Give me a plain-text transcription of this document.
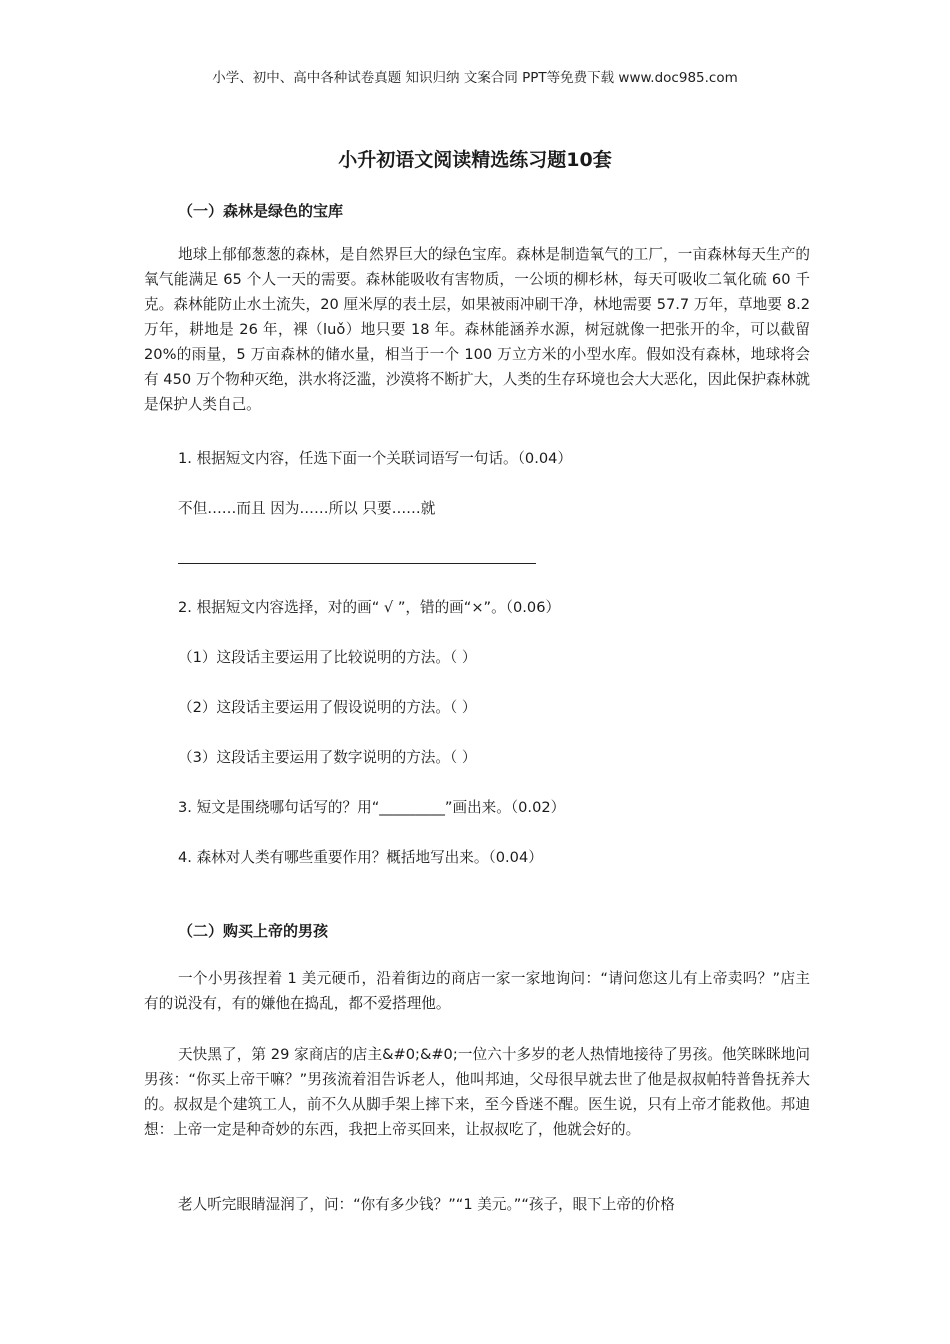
小学、初中、高中各种试卷真题 知识归纳 文案合同 PPT等免费下载 www.doc985.com
小升初语文阅读精选练习题10套
（一）森林是绿色的宝库

地球上郁郁葱葱的森林，是自然界巨大的绿色宝库。森林是制造氧气的工厂，一亩森林每天生产的氧气能满足 65 个人一天的需要。森林能吸收有害物质，一公顷的柳杉林，每天可吸收二氧化硫 60 千克。森林能防止水土流失，20 厘米厚的表土层，如果被雨冲刷干净，林地需要 57.7 万年，草地要 8.2 万年，耕地是 26 年，裸（luǒ）地只要 18 年。森林能涵养水源，树冠就像一把张开的伞，可以截留 20%的雨量，5 万亩森林的储水量，相当于一个 100 万立方米的小型水库。假如没有森林，地球将会有 450 万个物种灭绝，洪水将泛滥，沙漠将不断扩大，人类的生存环境也会大大恶化，因此保护森林就是保护人类自己。

1. 根据短文内容，任选下面一个关联词语写一句话。（0.04）
不但……而且 因为……所以 只要……就
2. 根据短文内容选择，对的画“ √ ”，错的画“×”。（0.06）
（1）这段话主要运用了比较说明的方法。（ ）
（2）这段话主要运用了假设说明的方法。（ ）
（3）这段话主要运用了数字说明的方法。（ ）
3. 短文是围绕哪句话写的？用“_________”画出来。（0.02）
4. 森林对人类有哪些重要作用？概括地写出来。（0.04）
（二）购买上帝的男孩

一个小男孩捏着 1 美元硬币，沿着街边的商店一家一家地询问：“请问您这儿有上帝卖吗？”店主有的说没有，有的嫌他在捣乱，都不爱搭理他。

天快黑了，第 29 家商店的店主&#0;&#0;一位六十多岁的老人热情地接待了男孩。他笑眯眯地问男孩：“你买上帝干嘛？”男孩流着泪告诉老人，他叫邦迪，父母很早就去世了他是叔叔帕特普鲁抚养大的。叔叔是个建筑工人，前不久从脚手架上摔下来，至今昏迷不醒。医生说，只有上帝才能救他。邦迪想：上帝一定是种奇妙的东西，我把上帝买回来，让叔叔吃了，他就会好的。

老人听完眼睛湿润了，问：“你有多少钱？”“1 美元。”“孩子，眼下上帝的价格
